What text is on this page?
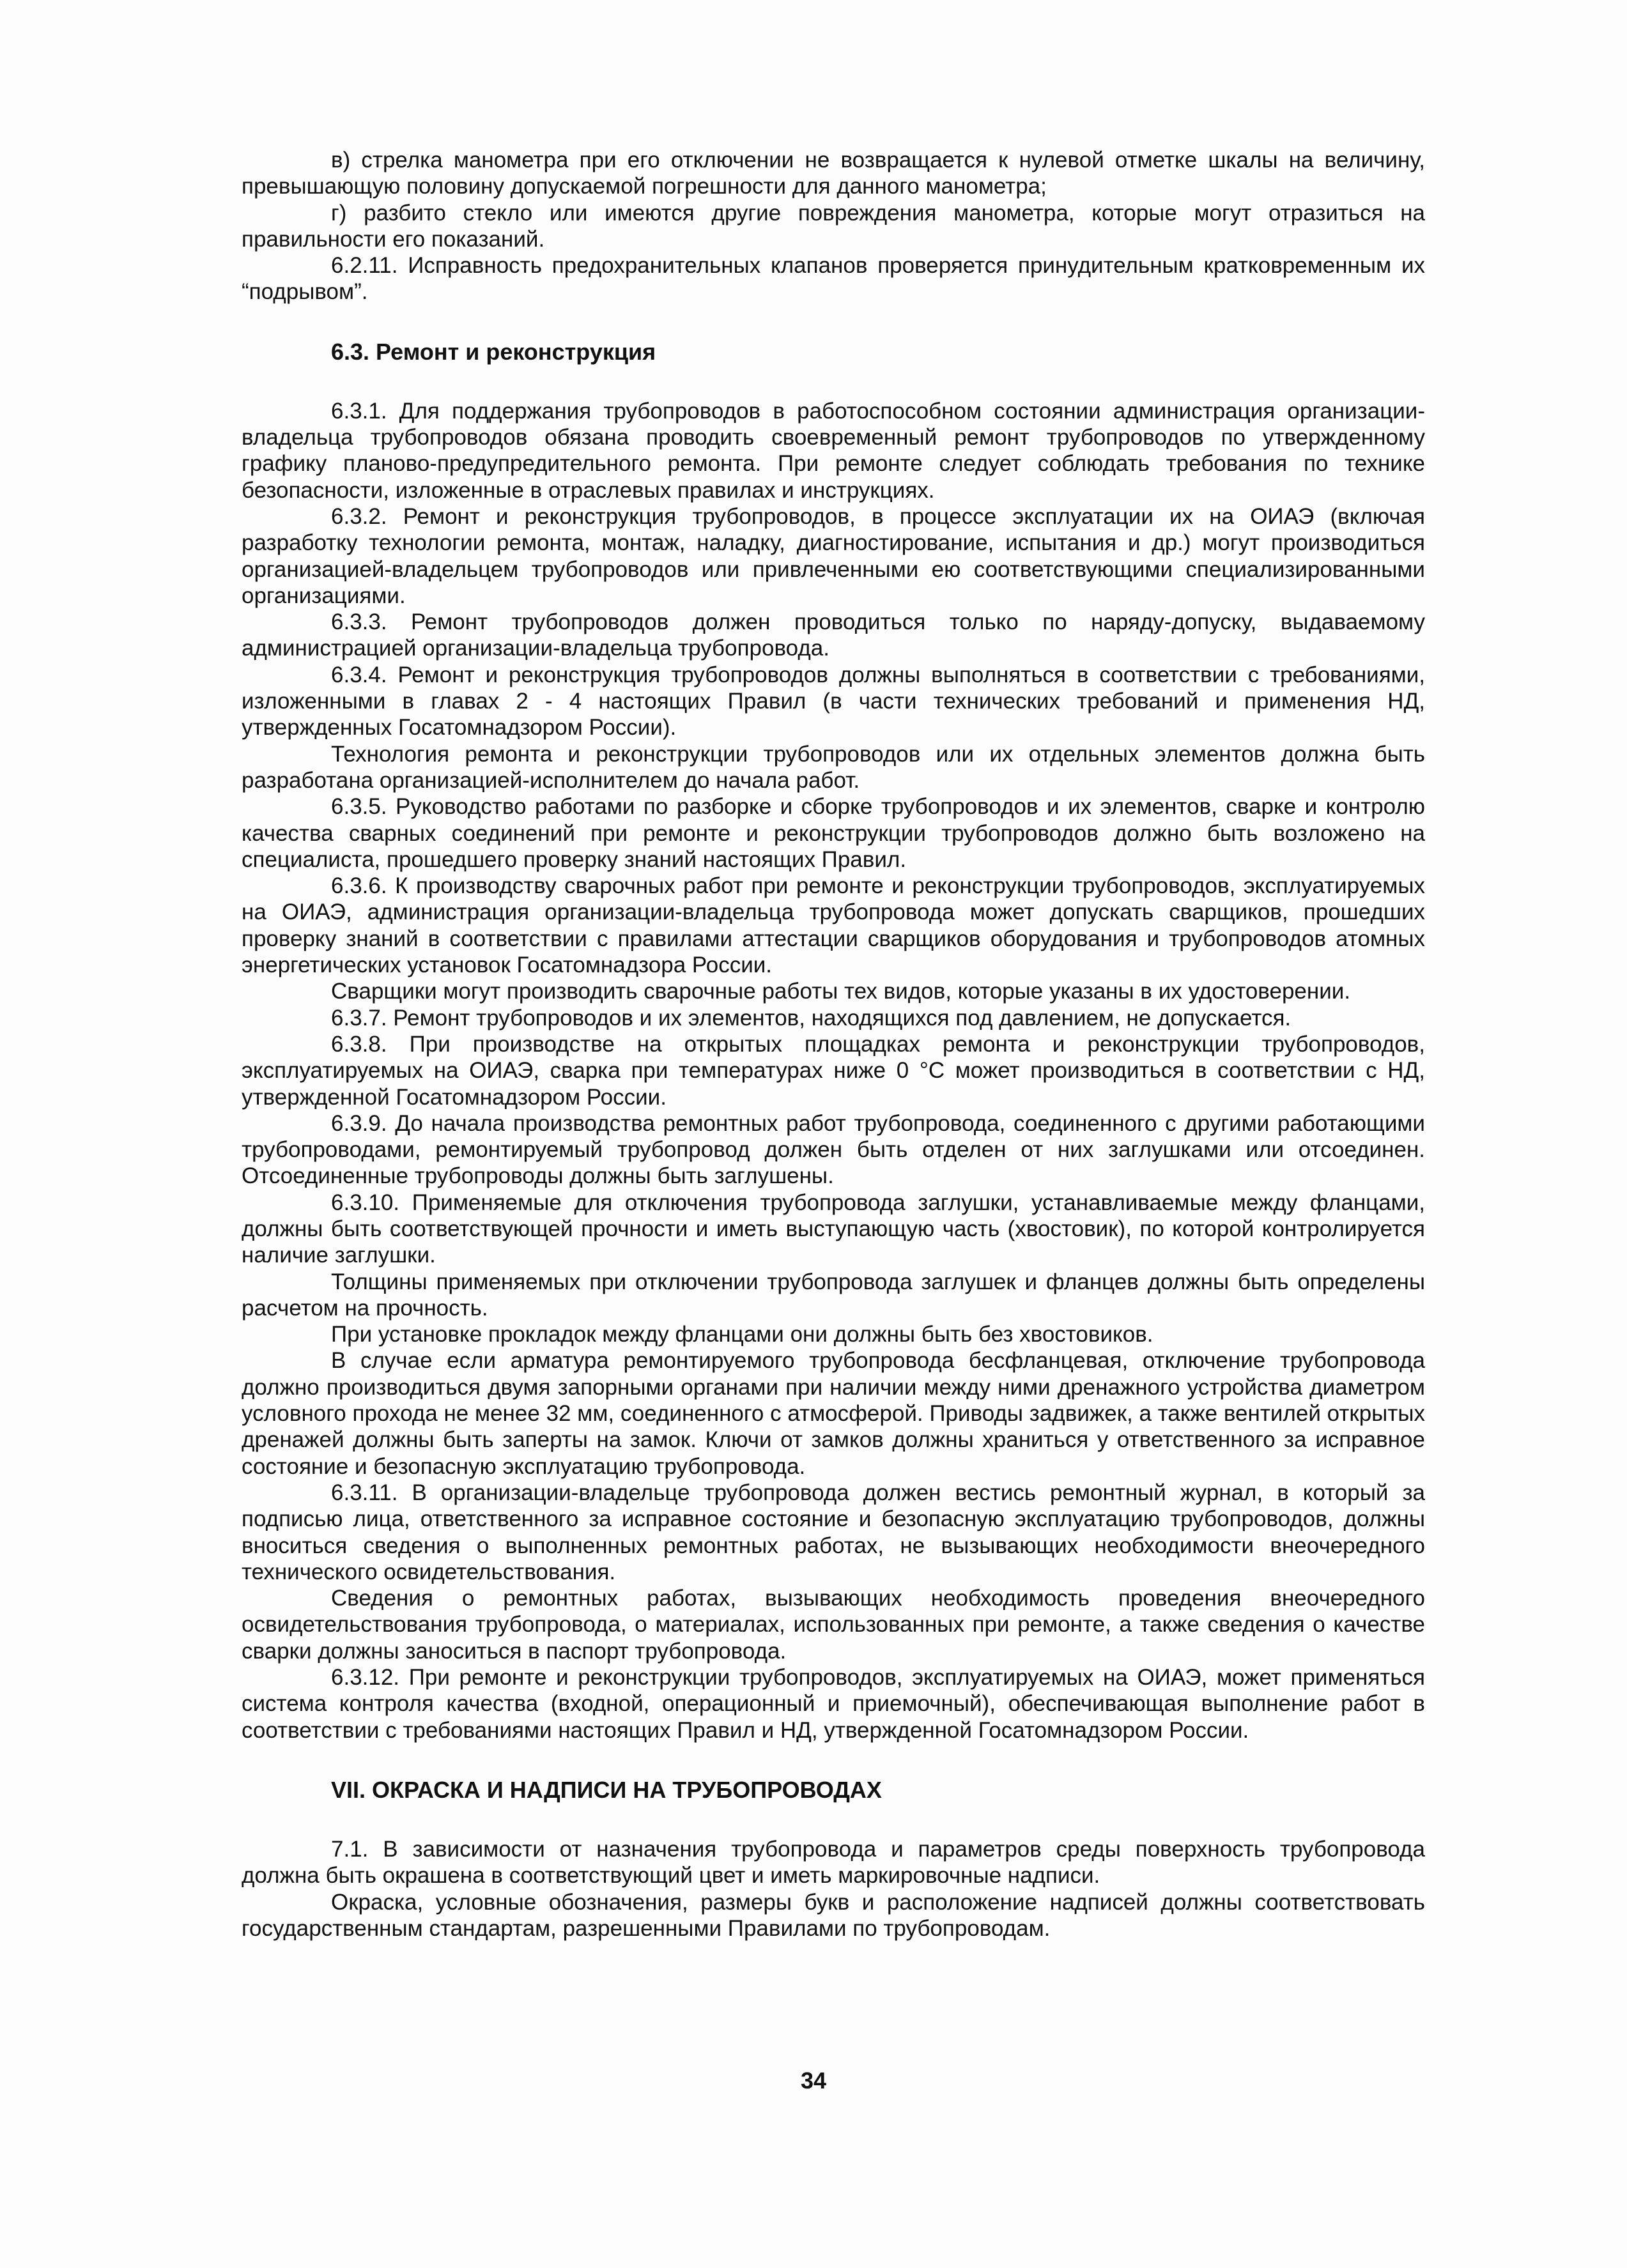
в) стрелка манометра при его отключении не возвращается к нулевой отметке шкалы на величину, превышающую половину допускаемой погрешности для данного манометра;

г) разбито стекло или имеются другие повреждения манометра, которые могут отразиться на правильности его показаний.

6.2.11. Исправность предохранительных клапанов проверяется принудительным кратковременным их “подрывом”.

6.3. Ремонт и реконструкция

6.3.1. Для поддержания трубопроводов в работоспособном состоянии администрация организации-владельца трубопроводов обязана проводить своевременный ремонт трубопроводов по утвержденному графику планово-предупредительного ремонта. При ремонте следует соблюдать требования по технике безопасности, изложенные в отраслевых правилах и инструкциях.

6.3.2. Ремонт и реконструкция трубопроводов, в процессе эксплуатации их на ОИАЭ (включая разработку технологии ремонта, монтаж, наладку, диагностирование, испытания и др.) могут производиться организацией-владельцем трубопроводов или привлеченными ею соответствующими специализированными организациями.

6.3.3. Ремонт трубопроводов должен проводиться только по наряду-допуску, выдаваемому администрацией организации-владельца трубопровода.

6.3.4. Ремонт и реконструкция трубопроводов должны выполняться в соответствии с требованиями, изложенными в главах 2 - 4 настоящих Правил (в части технических требований и применения НД, утвержденных Госатомнадзором России).

Технология ремонта и реконструкции трубопроводов или их отдельных элементов должна быть разработана организацией-исполнителем до начала работ.

6.3.5. Руководство работами по разборке и сборке трубопроводов и их элементов, сварке и контролю качества сварных соединений при ремонте и реконструкции трубопроводов должно быть возложено на специалиста, прошедшего проверку знаний настоящих Правил.

6.3.6. К производству сварочных работ при ремонте и реконструкции трубопроводов, эксплуатируемых на ОИАЭ, администрация организации-владельца трубопровода может допускать сварщиков, прошедших проверку знаний в соответствии с правилами аттестации сварщиков оборудования и трубопроводов атомных энергетических установок Госатомнадзора России.

Сварщики могут производить сварочные работы тех видов, которые указаны в их удостоверении.

6.3.7. Ремонт трубопроводов и их элементов, находящихся под давлением, не допускается.

6.3.8. При производстве на открытых площадках ремонта и реконструкции трубопроводов, эксплуатируемых на ОИАЭ, сварка при температурах ниже 0 °С может производиться в соответствии с НД, утвержденной Госатомнадзором России.

6.3.9. До начала производства ремонтных работ трубопровода, соединенного с другими работающими трубопроводами, ремонтируемый трубопровод должен быть отделен от них заглушками или отсоединен. Отсоединенные трубопроводы должны быть заглушены.

6.3.10. Применяемые для отключения трубопровода заглушки, устанавливаемые между фланцами, должны быть соответствующей прочности и иметь выступающую часть (хвостовик), по которой контролируется наличие заглушки.

Толщины применяемых при отключении трубопровода заглушек и фланцев должны быть определены расчетом на прочность.

При установке прокладок между фланцами они должны быть без хвостовиков.

В случае если арматура ремонтируемого трубопровода бесфланцевая, отключение трубопровода должно производиться двумя запорными органами при наличии между ними дренажного устройства диаметром условного прохода не менее 32 мм, соединенного с атмосферой. Приводы задвижек, а также вентилей открытых дренажей должны быть заперты на замок. Ключи от замков должны храниться у ответственного за исправное состояние и безопасную эксплуатацию трубопровода.

6.3.11. В организации-владельце трубопровода должен вестись ремонтный журнал, в который за подписью лица, ответственного за исправное состояние и безопасную эксплуатацию трубопроводов, должны вноситься сведения о выполненных ремонтных работах, не вызывающих необходимости внеочередного технического освидетельствования.

Сведения о ремонтных работах, вызывающих необходимость проведения внеочередного освидетельствования трубопровода, о материалах, использованных при ремонте, а также сведения о качестве сварки должны заноситься в паспорт трубопровода.

6.3.12. При ремонте и реконструкции трубопроводов, эксплуатируемых на ОИАЭ, может применяться система контроля качества (входной, операционный и приемочный), обеспечивающая выполнение работ в соответствии с требованиями настоящих Правил и НД, утвержденной Госатомнадзором России.

VII. ОКРАСКА И НАДПИСИ НА ТРУБОПРОВОДАХ

7.1. В зависимости от назначения трубопровода и параметров среды поверхность трубопровода должна быть окрашена в соответствующий цвет и иметь маркировочные надписи.

Окраска, условные обозначения, размеры букв и расположение надписей должны соответствовать государственным стандартам, разрешенными Правилами по трубопроводам.

34
